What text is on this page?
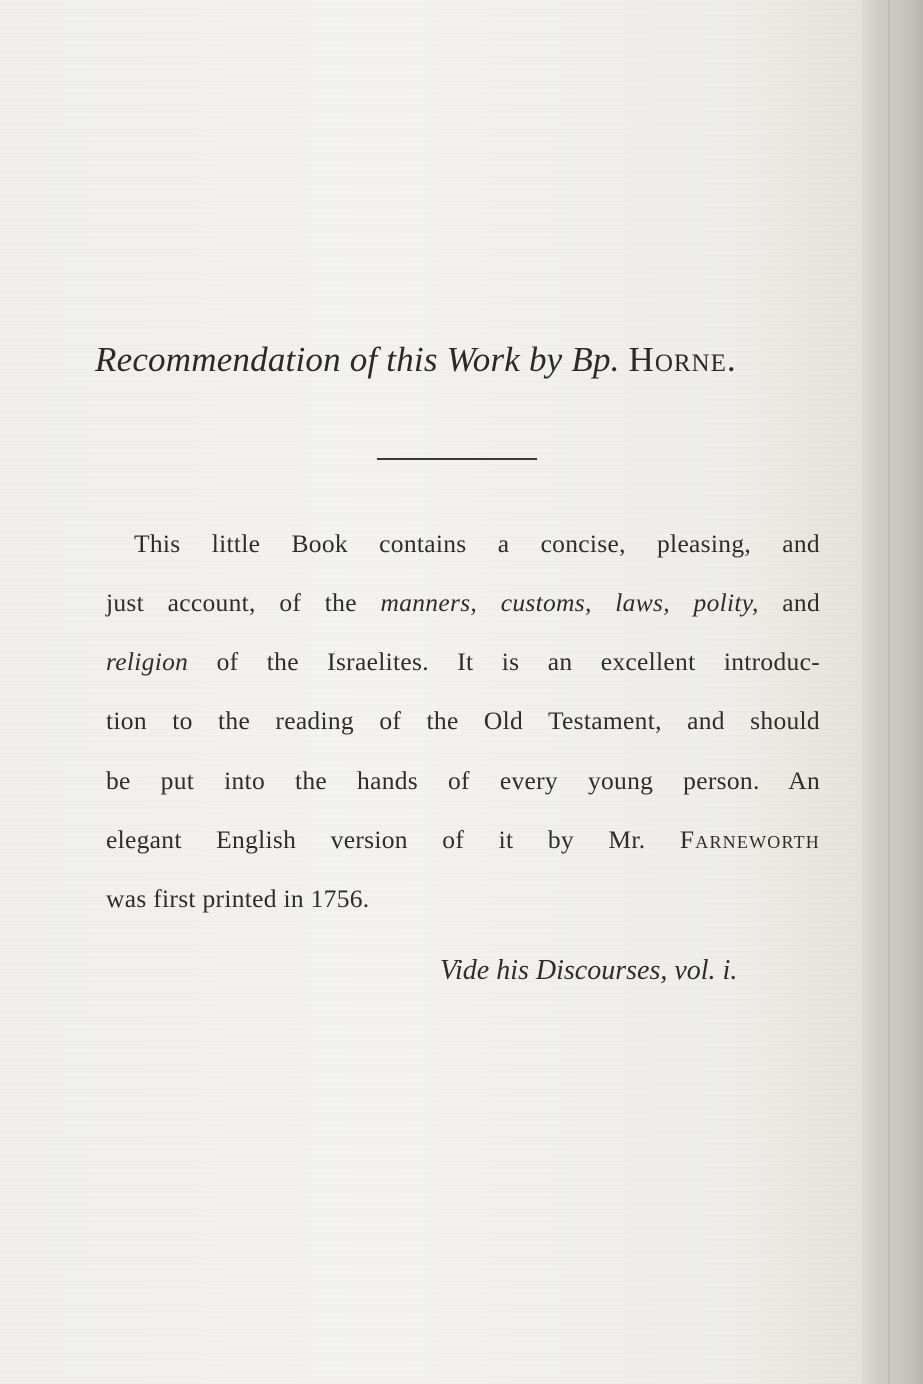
Recommendation of this Work by Bp. Horne.
This little Book contains a concise, pleasing, and
just account, of the manners, customs, laws, polity, and
religion of the Israelites. It is an excellent introduc-
tion to the reading of the Old Testament, and should
be put into the hands of every young person. An
elegant English version of it by Mr. Farneworth
was first printed in 1756.
Vide his Discourses, vol. i.
